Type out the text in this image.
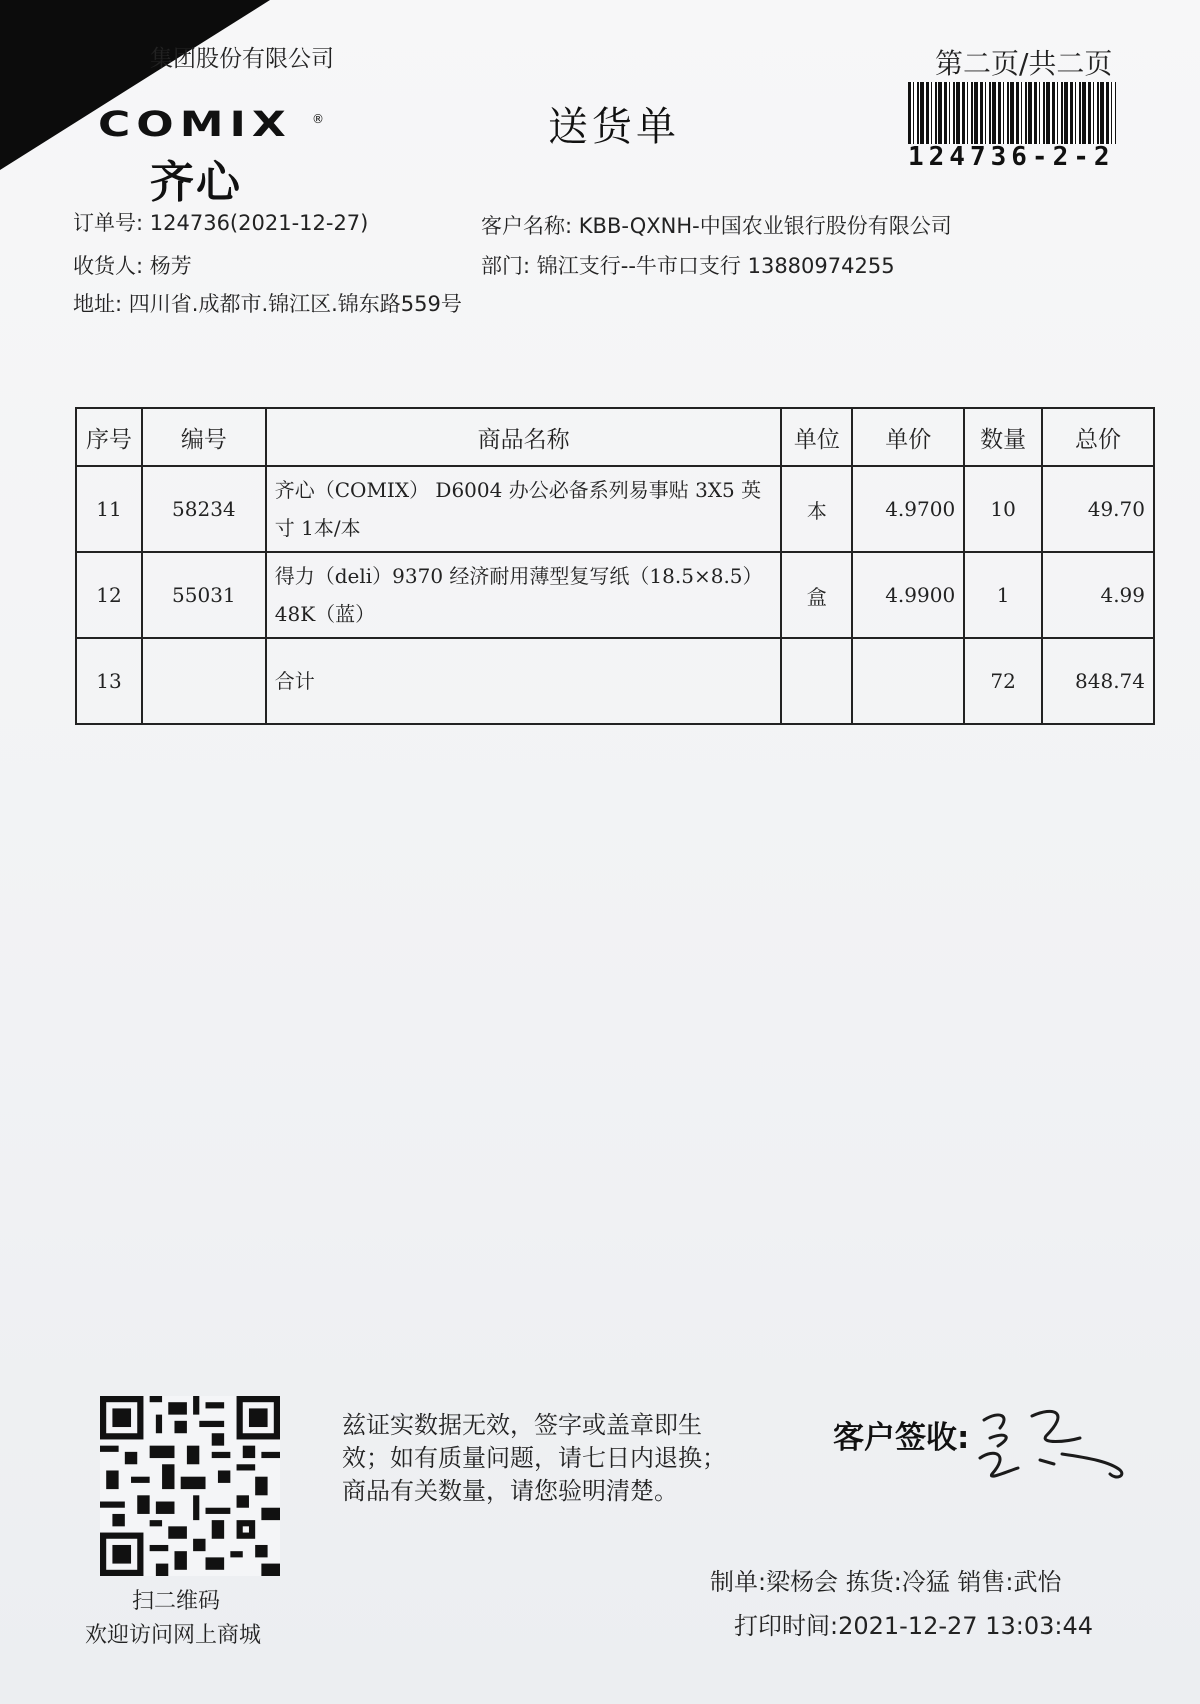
集团股份有限公司
COMIX ®
齐心
送货单
第二页/共二页
124736-2-2
订单号: 124736(2021-12-27)	客户名称: KBB-QXNH-中国农业银行股份有限公司
收货人: 杨芳	部门: 锦江支行--牛市口支行 13880974255
地址: 四川省.成都市.锦江区.锦东路559号
序号	编号	商品名称	单位	单价	数量	总价
11	58234	齐心（COMIX） D6004 办公必备系列易事贴 3X5 英寸 1本/本	本	4.9700	10	49.70
12	55031	得力（deli）9370 经济耐用薄型复写纸（18.5×8.5） 48K（蓝）	盒	4.9900	1	4.99
13		合计			72	848.74
扫二维码
欢迎访问网上商城
兹证实数据无效，签字或盖章即生
效；如有质量问题，请七日内退换；
商品有关数量，请您验明清楚。
客户签收:
制单:梁杨会 拣货:冷猛 销售:武怡
打印时间:2021-12-27 13:03:44
